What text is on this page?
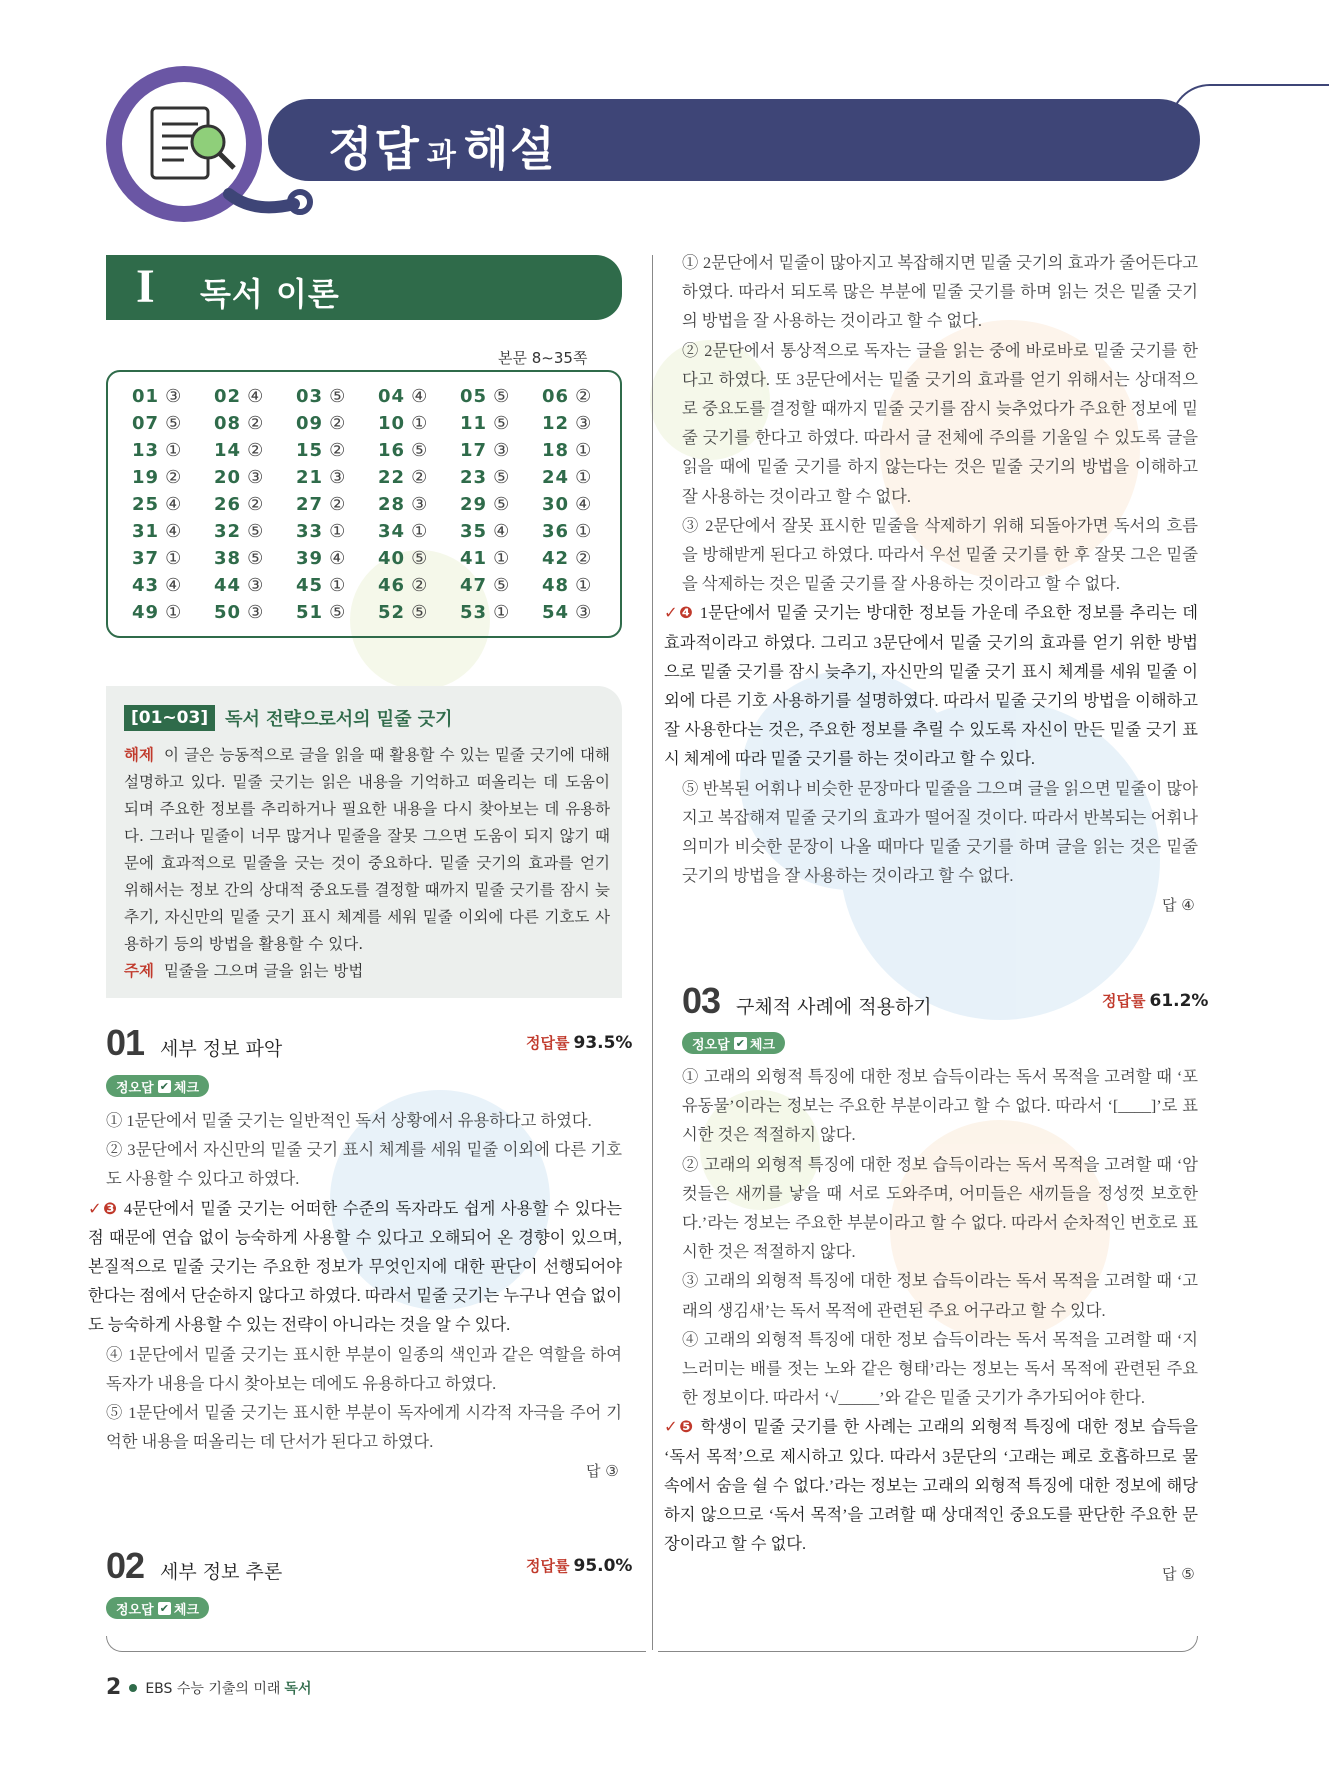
정답 과 해설
I 독서 이론
본문 8∼35쪽
01 ③ 02 ④ 03 ⑤ 04 ④ 05 ⑤ 06 ②
07 ⑤ 08 ② 09 ② 10 ① 11 ⑤ 12 ③
13 ① 14 ② 15 ② 16 ⑤ 17 ③ 18 ①
19 ② 20 ③ 21 ③ 22 ② 23 ⑤ 24 ①
25 ④ 26 ② 27 ② 28 ③ 29 ⑤ 30 ④
31 ④ 32 ⑤ 33 ① 34 ① 35 ④ 36 ①
37 ① 38 ⑤ 39 ④ 40 ⑤ 41 ① 42 ②
43 ④ 44 ③ 45 ① 46 ② 47 ⑤ 48 ①
49 ① 50 ③ 51 ⑤ 52 ⑤ 53 ① 54 ③
[01~03] 독서 전략으로서의 밑줄 긋기
해제 이 글은 능동적으로 글을 읽을 때 활용할 수 있는 밑줄 긋기에 대해 설명하고 있다. 밑줄 긋기는 읽은 내용을 기억하고 떠올리는 데 도움이 되며 주요한 정보를 추리하거나 필요한 내용을 다시 찾아보는 데 유용하다. 그러나 밑줄이 너무 많거나 밑줄을 잘못 그으면 도움이 되지 않기 때문에 효과적으로 밑줄을 긋는 것이 중요하다. 밑줄 긋기의 효과를 얻기 위해서는 정보 간의 상대적 중요도를 결정할 때까지 밑줄 긋기를 잠시 늦추기, 자신만의 밑줄 긋기 표시 체계를 세워 밑줄 이외에 다른 기호도 사용하기 등의 방법을 활용할 수 있다.
주제 밑줄을 그으며 글을 읽는 방법
01 세부 정보 파악	정답률 93.5%
정오답 ✔ 체크

① 1문단에서 밑줄 긋기는 일반적인 독서 상황에서 유용하다고 하였다.

② 3문단에서 자신만의 밑줄 긋기 표시 체계를 세워 밑줄 이외에 다른 기호도 사용할 수 있다고 하였다.

✓❸ 4문단에서 밑줄 긋기는 어떠한 수준의 독자라도 쉽게 사용할 수 있다는 점 때문에 연습 없이 능숙하게 사용할 수 있다고 오해되어 온 경향이 있으며, 본질적으로 밑줄 긋기는 주요한 정보가 무엇인지에 대한 판단이 선행되어야 한다는 점에서 단순하지 않다고 하였다. 따라서 밑줄 긋기는 누구나 연습 없이도 능숙하게 사용할 수 있는 전략이 아니라는 것을 알 수 있다.

④ 1문단에서 밑줄 긋기는 표시한 부분이 일종의 색인과 같은 역할을 하여 독자가 내용을 다시 찾아보는 데에도 유용하다고 하였다.

⑤ 1문단에서 밑줄 긋기는 표시한 부분이 독자에게 시각적 자극을 주어 기억한 내용을 떠올리는 데 단서가 된다고 하였다.

답 ③
02 세부 정보 추론	정답률 95.0%
정오답 ✔ 체크

① 2문단에서 밑줄이 많아지고 복잡해지면 밑줄 긋기의 효과가 줄어든다고 하였다. 따라서 되도록 많은 부분에 밑줄 긋기를 하며 읽는 것은 밑줄 긋기의 방법을 잘 사용하는 것이라고 할 수 없다.

② 2문단에서 통상적으로 독자는 글을 읽는 중에 바로바로 밑줄 긋기를 한다고 하였다. 또 3문단에서는 밑줄 긋기의 효과를 얻기 위해서는 상대적으로 중요도를 결정할 때까지 밑줄 긋기를 잠시 늦추었다가 주요한 정보에 밑줄 긋기를 한다고 하였다. 따라서 글 전체에 주의를 기울일 수 있도록 글을 읽을 때에 밑줄 긋기를 하지 않는다는 것은 밑줄 긋기의 방법을 이해하고 잘 사용하는 것이라고 할 수 없다.

③ 2문단에서 잘못 표시한 밑줄을 삭제하기 위해 되돌아가면 독서의 흐름을 방해받게 된다고 하였다. 따라서 우선 밑줄 긋기를 한 후 잘못 그은 밑줄을 삭제하는 것은 밑줄 긋기를 잘 사용하는 것이라고 할 수 없다.

✓❹ 1문단에서 밑줄 긋기는 방대한 정보들 가운데 주요한 정보를 추리는 데 효과적이라고 하였다. 그리고 3문단에서 밑줄 긋기의 효과를 얻기 위한 방법으로 밑줄 긋기를 잠시 늦추기, 자신만의 밑줄 긋기 표시 체계를 세워 밑줄 이외에 다른 기호 사용하기를 설명하였다. 따라서 밑줄 긋기의 방법을 이해하고 잘 사용한다는 것은, 주요한 정보를 추릴 수 있도록 자신이 만든 밑줄 긋기 표시 체계에 따라 밑줄 긋기를 하는 것이라고 할 수 있다.

⑤ 반복된 어휘나 비슷한 문장마다 밑줄을 그으며 글을 읽으면 밑줄이 많아지고 복잡해져 밑줄 긋기의 효과가 떨어질 것이다. 따라서 반복되는 어휘나 의미가 비슷한 문장이 나올 때마다 밑줄 긋기를 하며 글을 읽는 것은 밑줄 긋기의 방법을 잘 사용하는 것이라고 할 수 없다.

답 ④
03 구체적 사례에 적용하기	정답률 61.2%
정오답 ✔ 체크

① 고래의 외형적 특징에 대한 정보 습득이라는 독서 목적을 고려할 때 ‘포유동물’이라는 정보는 주요한 부분이라고 할 수 없다. 따라서 ‘[____]’로 표시한 것은 적절하지 않다.

② 고래의 외형적 특징에 대한 정보 습득이라는 독서 목적을 고려할 때 ‘암컷들은 새끼를 낳을 때 서로 도와주며, 어미들은 새끼들을 정성껏 보호한다.’라는 정보는 주요한 부분이라고 할 수 없다. 따라서 순차적인 번호로 표시한 것은 적절하지 않다.

③ 고래의 외형적 특징에 대한 정보 습득이라는 독서 목적을 고려할 때 ‘고래의 생김새’는 독서 목적에 관련된 주요 어구라고 할 수 있다.

④ 고래의 외형적 특징에 대한 정보 습득이라는 독서 목적을 고려할 때 ‘지느러미는 배를 젓는 노와 같은 형태’라는 정보는 독서 목적에 관련된 주요한 정보이다. 따라서 ‘√_____’와 같은 밑줄 긋기가 추가되어야 한다.

✓❺ 학생이 밑줄 긋기를 한 사례는 고래의 외형적 특징에 대한 정보 습득을 ‘독서 목적’으로 제시하고 있다. 따라서 3문단의 ‘고래는 폐로 호흡하므로 물속에서 숨을 쉴 수 없다.’라는 정보는 고래의 외형적 특징에 대한 정보에 해당하지 않으므로 ‘독서 목적’을 고려할 때 상대적인 중요도를 판단한 주요한 문장이라고 할 수 없다.

답 ⑤
2 EBS 수능 기출의 미래 독서
